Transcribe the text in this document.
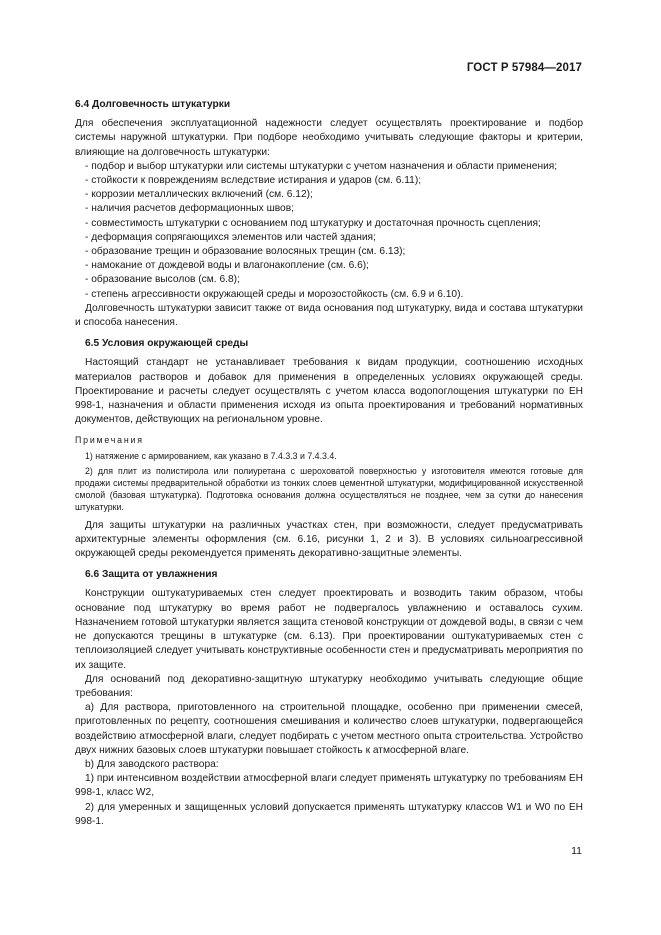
ГОСТ Р 57984—2017
6.4 Долговечность штукатурки

Для обеспечения эксплуатационной надежности следует осуществлять проектирование и подбор системы наружной штукатурки. При подборе необходимо учитывать следующие факторы и критерии, влияющие на долговечность штукатурки:

- подбор и выбор штукатурки или системы штукатурки с учетом назначения и области применения;
- стойкости к повреждениям вследствие истирания и ударов (см. 6.11);
- коррозии металлических включений (см. 6.12);
- наличия расчетов деформационных швов;
- совместимость штукатурки с основанием под штукатурку и достаточная прочность сцепления;
- деформация сопрягающихся элементов или частей здания;
- образование трещин и образование волосяных трещин (см. 6.13);
- намокание от дождевой воды и влагонакопление (см. 6.6);
- образование высолов (см. 6.8);
- степень агрессивности окружающей среды и морозостойкость (см. 6.9 и 6.10).

Долговечность штукатурки зависит также от вида основания под штукатурку, вида и состава штукатурки и способа нанесения.

6.5 Условия окружающей среды

Настоящий стандарт не устанавливает требования к видам продукции, соотношению исходных материалов растворов и добавок для применения в определенных условиях окружающей среды. Проектирование и расчеты следует осуществлять с учетом класса водопоглощения штукатурки по ЕН 998-1, назначения и области применения исходя из опыта проектирования и требований нормативных документов, действующих на региональном уровне.

Примечания

1) натяжение с армированием, как указано в 7.4.3.3 и 7.4.3.4.

2) для плит из полистирола или полиуретана с шероховатой поверхностью у изготовителя имеются готовые для продажи системы предварительной обработки из тонких слоев цементной штукатурки, модифицированной искусственной смолой (базовая штукатурка). Подготовка основания должна осуществляться не позднее, чем за сутки до нанесения штукатурки.

Для защиты штукатурки на различных участках стен, при возможности, следует предусматривать архитектурные элементы оформления (см. 6.16, рисунки 1, 2 и 3). В условиях сильноагрессивной окружающей среды рекомендуется применять декоративно-защитные элементы.

6.6 Защита от увлажнения

Конструкции оштукатуриваемых стен следует проектировать и возводить таким образом, чтобы основание под штукатурку во время работ не подвергалось увлажнению и оставалось сухим. Назначением готовой штукатурки является защита стеновой конструкции от дождевой воды, в связи с чем не допускаются трещины в штукатурке (см. 6.13). При проектировании оштукатуриваемых стен с теплоизоляцией следует учитывать конструктивные особенности стен и предусматривать мероприятия по их защите.

Для оснований под декоративно-защитную штукатурку необходимо учитывать следующие общие требования:

a) Для раствора, приготовленного на строительной площадке, особенно при применении смесей, приготовленных по рецепту, соотношения смешивания и количество слоев штукатурки, подвергающейся воздействию атмосферной влаги, следует подбирать с учетом местного опыта строительства. Устройство двух нижних базовых слоев штукатурки повышает стойкость к атмосферной влаге.

b) Для заводского раствора:

1) при интенсивном воздействии атмосферной влаги следует применять штукатурку по требованиям ЕН 998-1, класс W2,

2) для умеренных и защищенных условий допускается применять штукатурку классов W1 и W0 по ЕН 998-1.

11
